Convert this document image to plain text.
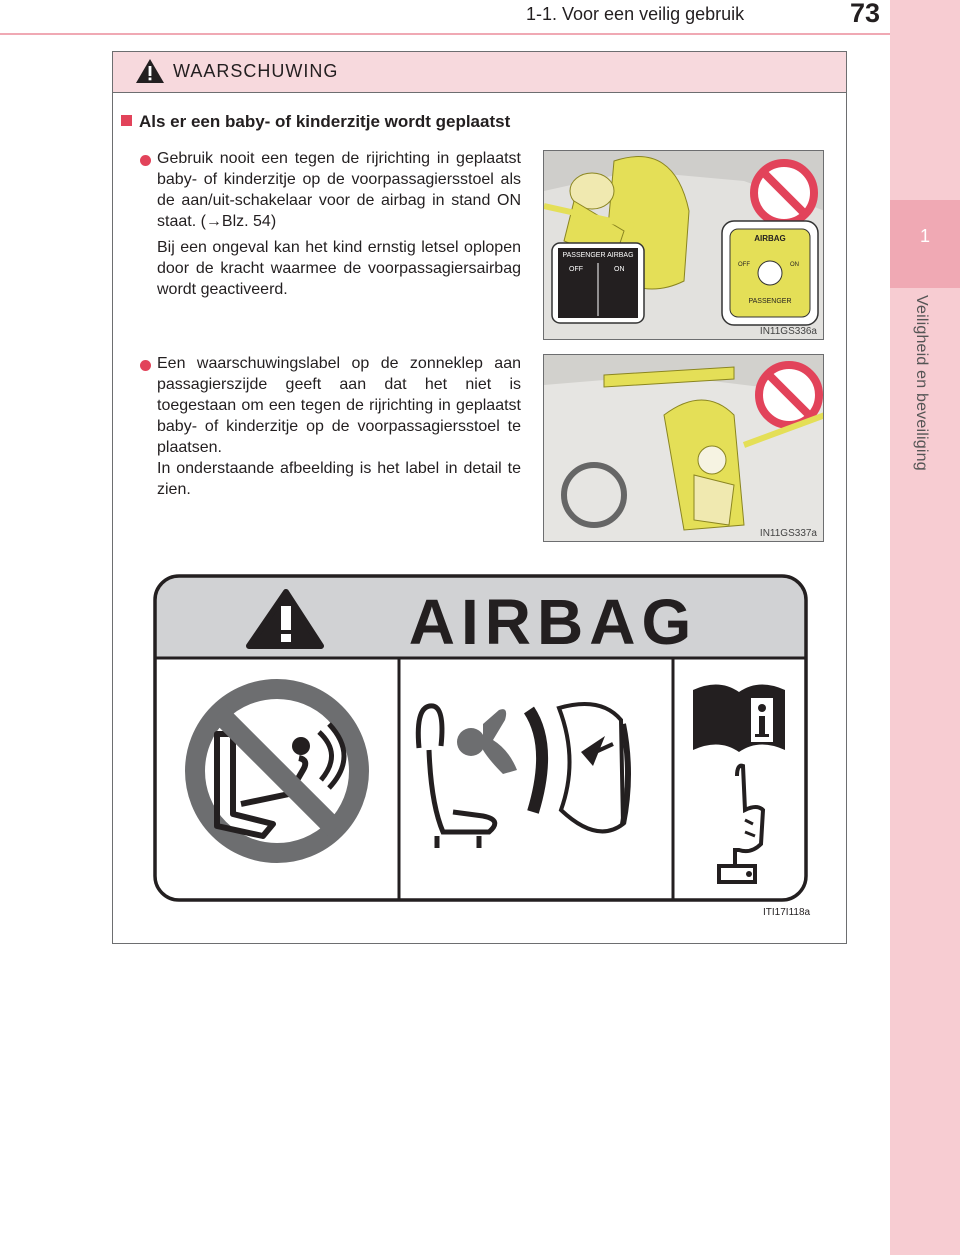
1-1. Voor een veilig gebruik	73
1
Veiligheid en beveiliging
WAARSCHUWING
Als er een baby- of kinderzitje wordt geplaatst
Gebruik nooit een tegen de rijrichting in geplaatst baby- of kinderzitje op de voorpassagiersstoel als de aan/uit-schakelaar voor de airbag in stand ON staat. (→Blz. 54)
Bij een ongeval kan het kind ernstig letsel oplopen door de kracht waarmee de voorpassagiersairbag wordt geactiveerd.
PASSENGER AIRBAG
OFF	ON
AIRBAG
OFF	ON
PASSENGER
IN11GS336a
Een waarschuwingslabel op de zonneklep aan passagierszijde geeft aan dat het niet is toegestaan om een tegen de rijrichting in geplaatst baby- of kinderzitje op de voorpassagiersstoel te plaatsen.
In onderstaande afbeelding is het label in detail te zien.
IN11GS337a
AIRBAG
ITI17I118a
